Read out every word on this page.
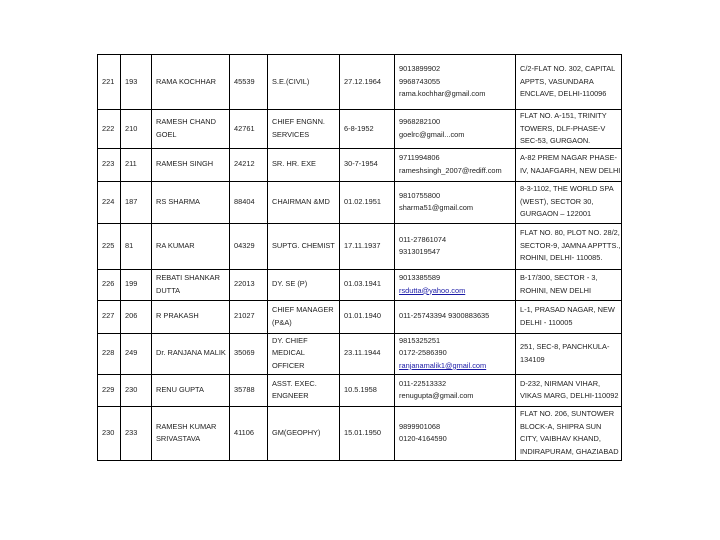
221	193	RAMA KOCHHAR	45539	S.E.(CIVIL)	27.12.1964	9013899902
9968743055
rama.kochhar@gmail.com	C/2-FLAT NO. 302, CAPITAL APPTS, VASUNDARA ENCLAVE, DELHI-110096
222	210	RAMESH CHAND GOEL	42761	CHIEF ENGNN. SERVICES	6-8-1952	9968282100
goelrc@gmail...com	FLAT NO. A-151, TRINITY TOWERS, DLF-PHASE-V SEC-53, GURGAON.
223	211	RAMESH SINGH	24212	SR. HR. EXE	30-7-1954	9711994806
rameshsingh_2007@rediff.com	A-82 PREM NAGAR PHASE-IV, NAJAFGARH, NEW DELHI
224	187	RS SHARMA	88404	CHAIRMAN &MD	01.02.1951	9810755800
sharma51@gmail.com	8-3-1102, THE WORLD SPA (WEST), SECTOR 30, GURGAON – 122001
225	81	RA KUMAR	04329	SUPTG. CHEMIST	17.11.1937	011-27861074
9313019547	FLAT NO. 80, PLOT NO. 28/2, SECTOR-9, JAMNA APPTTS., ROHINI, DELHI- 110085.
226	199	REBATI SHANKAR DUTTA	22013	DY. SE (P)	01.03.1941	9013385589
rsdutta@yahoo.com	B-17/300, SECTOR - 3, ROHINI, NEW DELHI
227	206	R PRAKASH	21027	CHIEF MANAGER (P&A)	01.01.1940	011-25743394 9300883635	L-1, PRASAD NAGAR, NEW DELHI - 110005
228	249	Dr. RANJANA MALIK	35069	DY. CHIEF MEDICAL OFFICER	23.11.1944	9815325251
0172-2586390
ranjanamalik1@gmail.com	251, SEC-8, PANCHKULA-134109
229	230	RENU GUPTA	35788	ASST. EXEC. ENGNEER	10.5.1958	011-22513332
renugupta@gmail.com	D-232, NIRMAN VIHAR, VIKAS MARG, DELHI-110092
230	233	RAMESH KUMAR SRIVASTAVA	41106	GM(GEOPHY)	15.01.1950	9899901068
0120-4164590	FLAT NO. 206, SUNTOWER BLOCK-A, SHIPRA SUN CITY, VAIBHAV KHAND, INDIRAPURAM, GHAZIABAD
